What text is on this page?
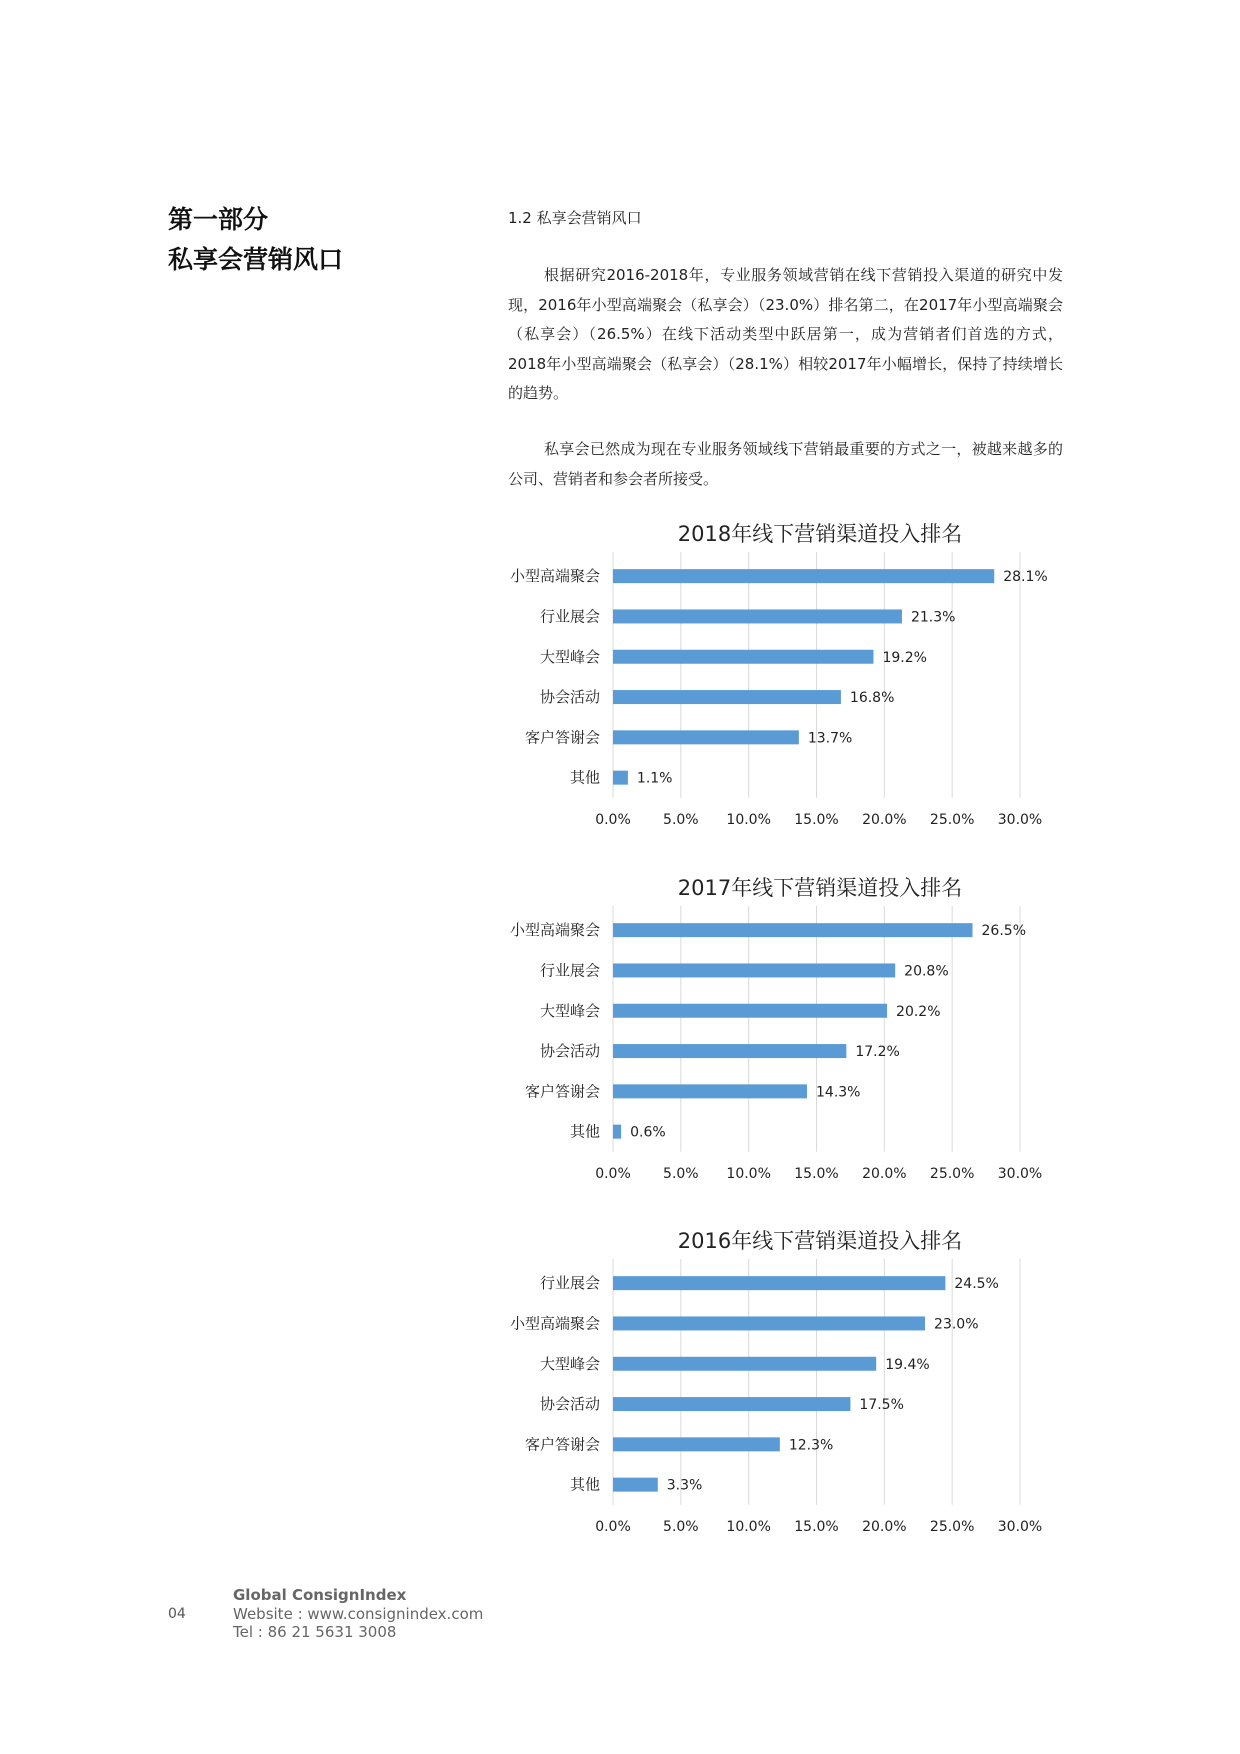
第一部分
私享会营销风口
1.2 私享会营销风口

根据研究2016-2018年，专业服务领域营销在线下营销投入渠道的研究中发现，2016年小型高端聚会（私享会）（23.0%）排名第二，在2017年小型高端聚会（私享会）（26.5%）在线下活动类型中跃居第一，成为营销者们首选的方式，2018年小型高端聚会（私享会）（28.1%）相较2017年小幅增长，保持了持续增长的趋势。

私享会已然成为现在专业服务领域线下营销最重要的方式之一，被越来越多的公司、营销者和参会者所接受。

2018年线下营销渠道投入排名
小型高端聚会	28.1%
行业展会	21.3%
大型峰会	19.2%
协会活动	16.8%
客户答谢会	13.7%
其他	1.1%
0.0% 5.0% 10.0% 15.0% 20.0% 25.0% 30.0%
2017年线下营销渠道投入排名
小型高端聚会	26.5%
行业展会	20.8%
大型峰会	20.2%
协会活动	17.2%
客户答谢会	14.3%
其他 0.6%
0.0% 5.0% 10.0% 15.0% 20.0% 25.0% 30.0%
2016年线下营销渠道投入排名
行业展会	24.5%
小型高端聚会	23.0%
大型峰会	19.4%
协会活动	17.5%
客户答谢会	12.3%
其他	3.3%
0.0% 5.0% 10.0% 15.0% 20.0% 25.0% 30.0%
04
Global ConsignIndex
Website : www.consignindex.com
Tel : 86 21 5631 3008
